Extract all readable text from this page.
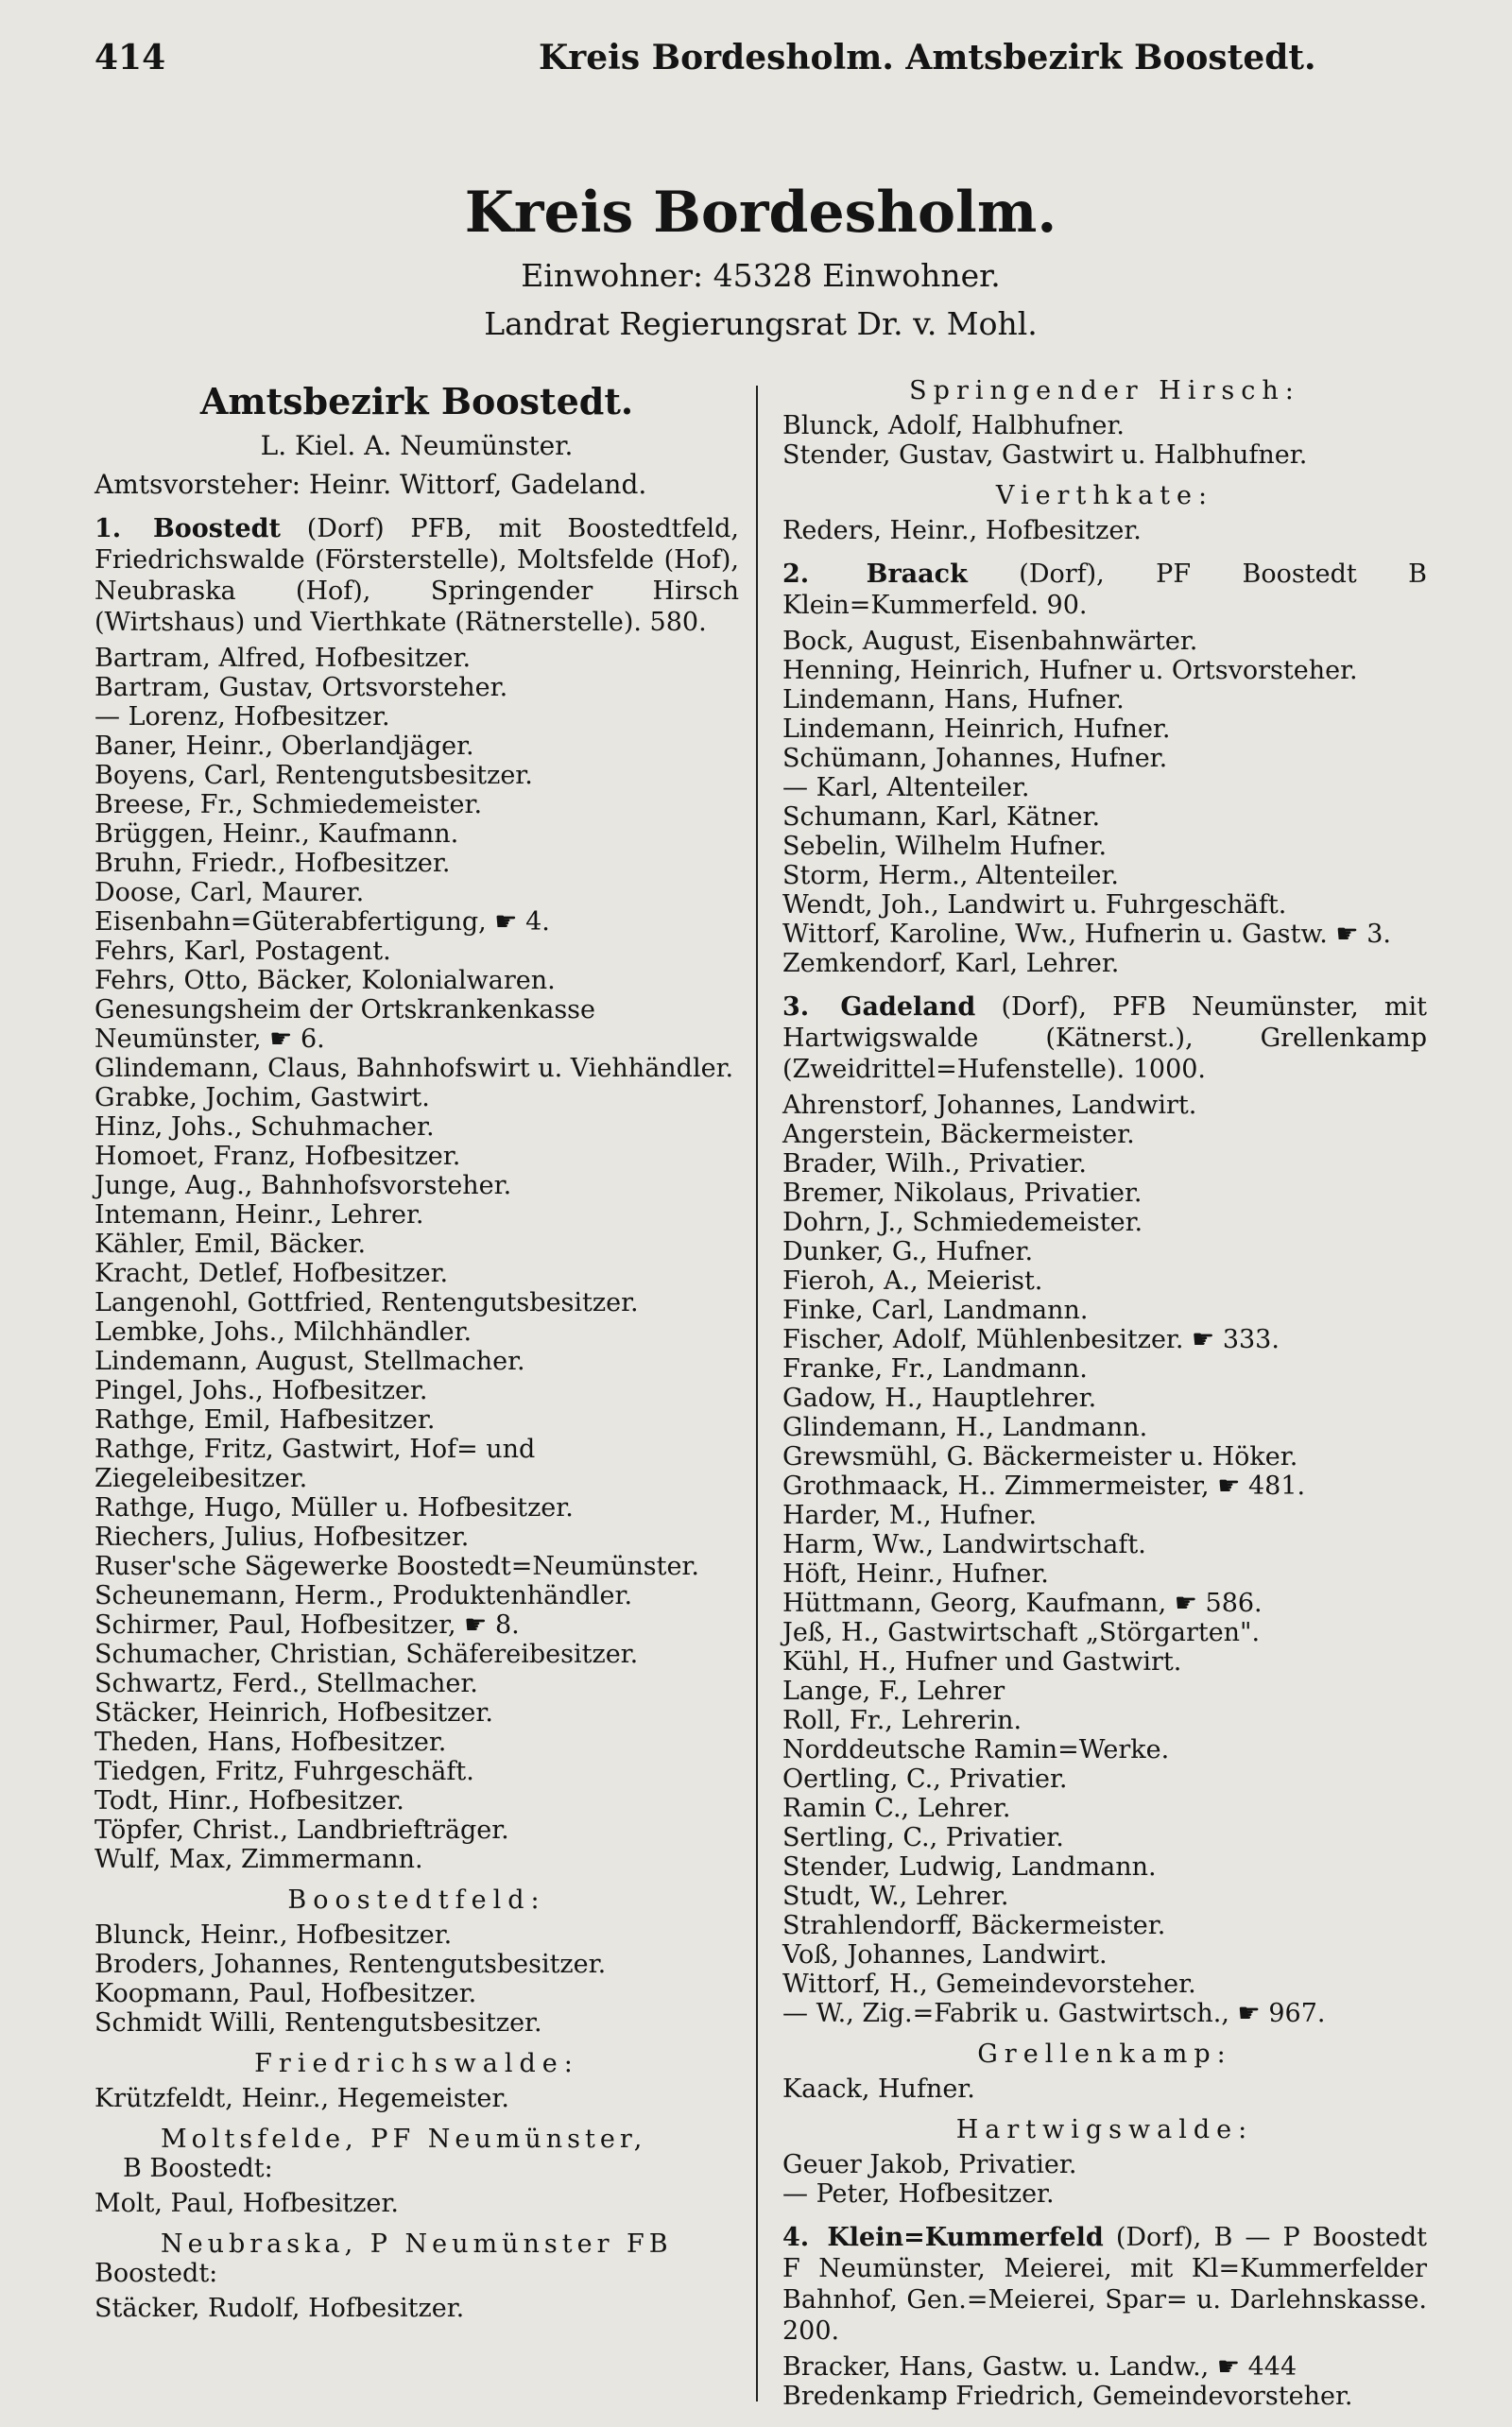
414	Kreis Bordesholm. Amtsbezirk Boostedt.
Kreis Bordesholm.
Einwohner: 45328 Einwohner.
Landrat Regierungsrat Dr. v. Mohl.
Amtsbezirk Boostedt.
L. Kiel. A. Neumünster.
Amtsvorsteher: Heinr. Wittorf, Gadeland.
1. Boostedt (Dorf) PFB, mit Boostedtfeld, Friedrichswalde (Försterstelle), Moltsfelde (Hof), Neubraska (Hof), Springender Hirsch (Wirtshaus) und Vierthkate (Rätnerstelle). 580.
Bartram, Alfred, Hofbesitzer.
Bartram, Gustav, Ortsvorsteher.
— Lorenz, Hofbesitzer.
Baner, Heinr., Oberlandjäger.
Boyens, Carl, Rentengutsbesitzer.
Breese, Fr., Schmiedemeister.
Brüggen, Heinr., Kaufmann.
Bruhn, Friedr., Hofbesitzer.
Doose, Carl, Maurer.
Eisenbahn=Güterabfertigung, ☛ 4.
Fehrs, Karl, Postagent.
Fehrs, Otto, Bäcker, Kolonialwaren.
Genesungsheim der Ortskrankenkasse Neumünster, ☛ 6.
Glindemann, Claus, Bahnhofswirt u. Viehhändler.
Grabke, Jochim, Gastwirt.
Hinz, Johs., Schuhmacher.
Homoet, Franz, Hofbesitzer.
Junge, Aug., Bahnhofsvorsteher.
Intemann, Heinr., Lehrer.
Kähler, Emil, Bäcker.
Kracht, Detlef, Hofbesitzer.
Langenohl, Gottfried, Rentengutsbesitzer.
Lembke, Johs., Milchhändler.
Lindemann, August, Stellmacher.
Pingel, Johs., Hofbesitzer.
Rathge, Emil, Hafbesitzer.
Rathge, Fritz, Gastwirt, Hof= und Ziegeleibesitzer.
Rathge, Hugo, Müller u. Hofbesitzer.
Riechers, Julius, Hofbesitzer.
Ruser'sche Sägewerke Boostedt=Neumünster.
Scheunemann, Herm., Produktenhändler.
Schirmer, Paul, Hofbesitzer, ☛ 8.
Schumacher, Christian, Schäfereibesitzer.
Schwartz, Ferd., Stellmacher.
Stäcker, Heinrich, Hofbesitzer.
Theden, Hans, Hofbesitzer.
Tiedgen, Fritz, Fuhrgeschäft.
Todt, Hinr., Hofbesitzer.
Töpfer, Christ., Landbriefträger.
Wulf, Max, Zimmermann.
Boostedtfeld:
Blunck, Heinr., Hofbesitzer.
Broders, Johannes, Rentengutsbesitzer.
Koopmann, Paul, Hofbesitzer.
Schmidt Willi, Rentengutsbesitzer.
Friedrichswalde:
Krützfeldt, Heinr., Hegemeister.
Moltsfelde, PF Neumünster,
B Boostedt:
Molt, Paul, Hofbesitzer.
Neubraska, P Neumünster FB
Boostedt:
Stäcker, Rudolf, Hofbesitzer.
Springender Hirsch:
Blunck, Adolf, Halbhufner.
Stender, Gustav, Gastwirt u. Halbhufner.
Vierthkate:
Reders, Heinr., Hofbesitzer.
2. Braack (Dorf), PF Boostedt B Klein=Kummerfeld. 90.
Bock, August, Eisenbahnwärter.
Henning, Heinrich, Hufner u. Ortsvorsteher.
Lindemann, Hans, Hufner.
Lindemann, Heinrich, Hufner.
Schümann, Johannes, Hufner.
— Karl, Altenteiler.
Schumann, Karl, Kätner.
Sebelin, Wilhelm Hufner.
Storm, Herm., Altenteiler.
Wendt, Joh., Landwirt u. Fuhrgeschäft.
Wittorf, Karoline, Ww., Hufnerin u. Gastw. ☛ 3.
Zemkendorf, Karl, Lehrer.
3. Gadeland (Dorf), PFB Neumünster, mit Hartwigswalde (Kätnerst.), Grellenkamp (Zweidrittel=Hufenstelle). 1000.
Ahrenstorf, Johannes, Landwirt.
Angerstein, Bäckermeister.
Brader, Wilh., Privatier.
Bremer, Nikolaus, Privatier.
Dohrn, J., Schmiedemeister.
Dunker, G., Hufner.
Fieroh, A., Meierist.
Finke, Carl, Landmann.
Fischer, Adolf, Mühlenbesitzer. ☛ 333.
Franke, Fr., Landmann.
Gadow, H., Hauptlehrer.
Glindemann, H., Landmann.
Grewsmühl, G. Bäckermeister u. Höker.
Grothmaack, H.. Zimmermeister, ☛ 481.
Harder, M., Hufner.
Harm, Ww., Landwirtschaft.
Höft, Heinr., Hufner.
Hüttmann, Georg, Kaufmann, ☛ 586.
Jeß, H., Gastwirtschaft „Störgarten".
Kühl, H., Hufner und Gastwirt.
Lange, F., Lehrer
Roll, Fr., Lehrerin.
Norddeutsche Ramin=Werke.
Oertling, C., Privatier.
Ramin C., Lehrer.
Sertling, C., Privatier.
Stender, Ludwig, Landmann.
Studt, W., Lehrer.
Strahlendorff, Bäckermeister.
Voß, Johannes, Landwirt.
Wittorf, H., Gemeindevorsteher.
— W., Zig.=Fabrik u. Gastwirtsch., ☛ 967.
Grellenkamp:
Kaack, Hufner.
Hartwigswalde:
Geuer Jakob, Privatier.
— Peter, Hofbesitzer.
4. Klein=Kummerfeld (Dorf), B — P Boostedt F Neumünster, Meierei, mit Kl=Kummerfelder Bahnhof, Gen.=Meierei, Spar= u. Darlehnskasse. 200.
Bracker, Hans, Gastw. u. Landw., ☛ 444
Bredenkamp Friedrich, Gemeindevorsteher.
